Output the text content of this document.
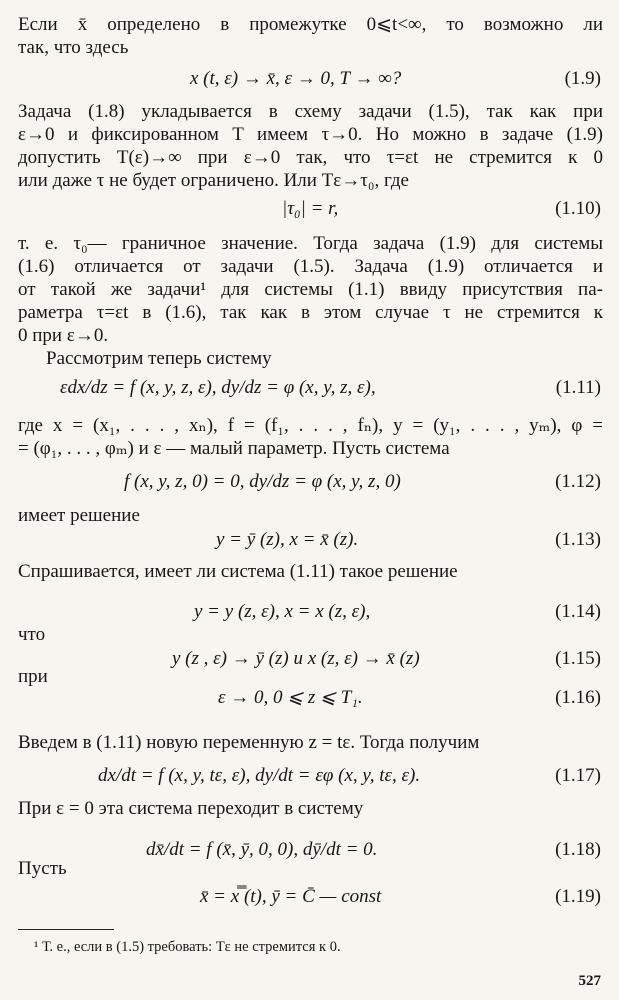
Если x̄ определено в промежутке 0⩽t<∞, то возможно ли
так, что здесь
x (t, ε) → x̄, ε → 0, T → ∞?	(1.9)
Задача (1.8) укладывается в схему задачи (1.5), так как при
ε→0 и фиксированном T имеем τ→0. Но можно в задаче (1.9)
допустить T(ε)→∞ при ε→0 так, что τ=εt не стремится к 0
или даже τ не будет ограничено. Или Tε→τ₀, где
|τ₀| = r,	(1.10)
т. е. τ₀— граничное значение. Тогда задача (1.9) для системы
(1.6) отличается от задачи (1.5). Задача (1.9) отличается и
от такой же задачи¹ для системы (1.1) ввиду присутствия па-
раметра τ=εt в (1.6), так как в этом случае τ не стремится к
0 при ε→0.
Рассмотрим теперь систему
εdx/dz = f (x, y, z, ε), dy/dz = φ (x, y, z, ε),	(1.11)
где x = (x₁, . . . , xₙ), f = (f₁, . . . , fₙ), y = (y₁, . . . , yₘ), φ =
= (φ₁, . . . , φₘ) и ε — малый параметр. Пусть система
f (x, y, z, 0) = 0, dy/dz = φ (x, y, z, 0)	(1.12)
имеет решение
y = ȳ (z), x = x̄ (z).	(1.13)
Спрашивается, имеет ли система (1.11) такое решение
y = y (z, ε), x = x (z, ε),	(1.14)
что
y (z , ε) → ȳ (z) и x (z, ε) → x̄ (z)	(1.15)
при
ε → 0, 0 ⩽ z ⩽ T₁.	(1.16)
Введем в (1.11) новую переменную z = tε. Тогда получим
dx/dt = f (x, y, tε, ε), dy/dt = εφ (x, y, tε, ε).	(1.17)
При ε = 0 эта система переходит в систему
dx̄/dt = f (x̄, ȳ, 0, 0), dȳ/dt = 0.	(1.18)
Пусть
x̄ = x̿ (t), ȳ = C̄ — const	(1.19)
¹ Т. е., если в (1.5) требовать: Tε не стремится к 0.
527
